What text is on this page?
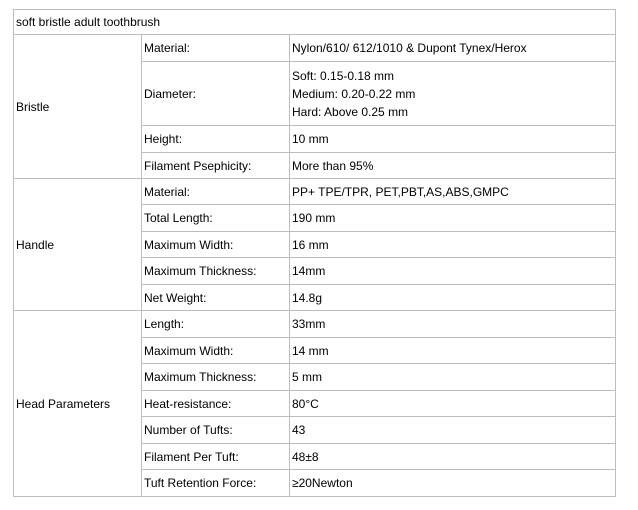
soft bristle adult toothbrush		
Bristle	Material:	Nylon/610/ 612/1010 & Dupont Tynex/Herox
	Diameter:	Soft: 0.15-0.18 mm
Medium: 0.20-0.22 mm
Hard: Above 0.25 mm

	Height:	10 mm
	Filament Psephicity:	More than 95%
Handle	Material:	PP+ TPE/TPR, PET,PBT,AS,ABS,GMPC
	Total Length:	190 mm
	Maximum Width:	16 mm
	Maximum Thickness:	14mm
	Net Weight:	14.8g
Head Parameters	Length:	33mm
	Maximum Width:	14 mm
	Maximum Thickness:	5 mm
	Heat-resistance:	80°C
	Number of Tufts:	43
	Filament Per Tuft:	48±8
	Tuft Retention Force:	≥20Newton
